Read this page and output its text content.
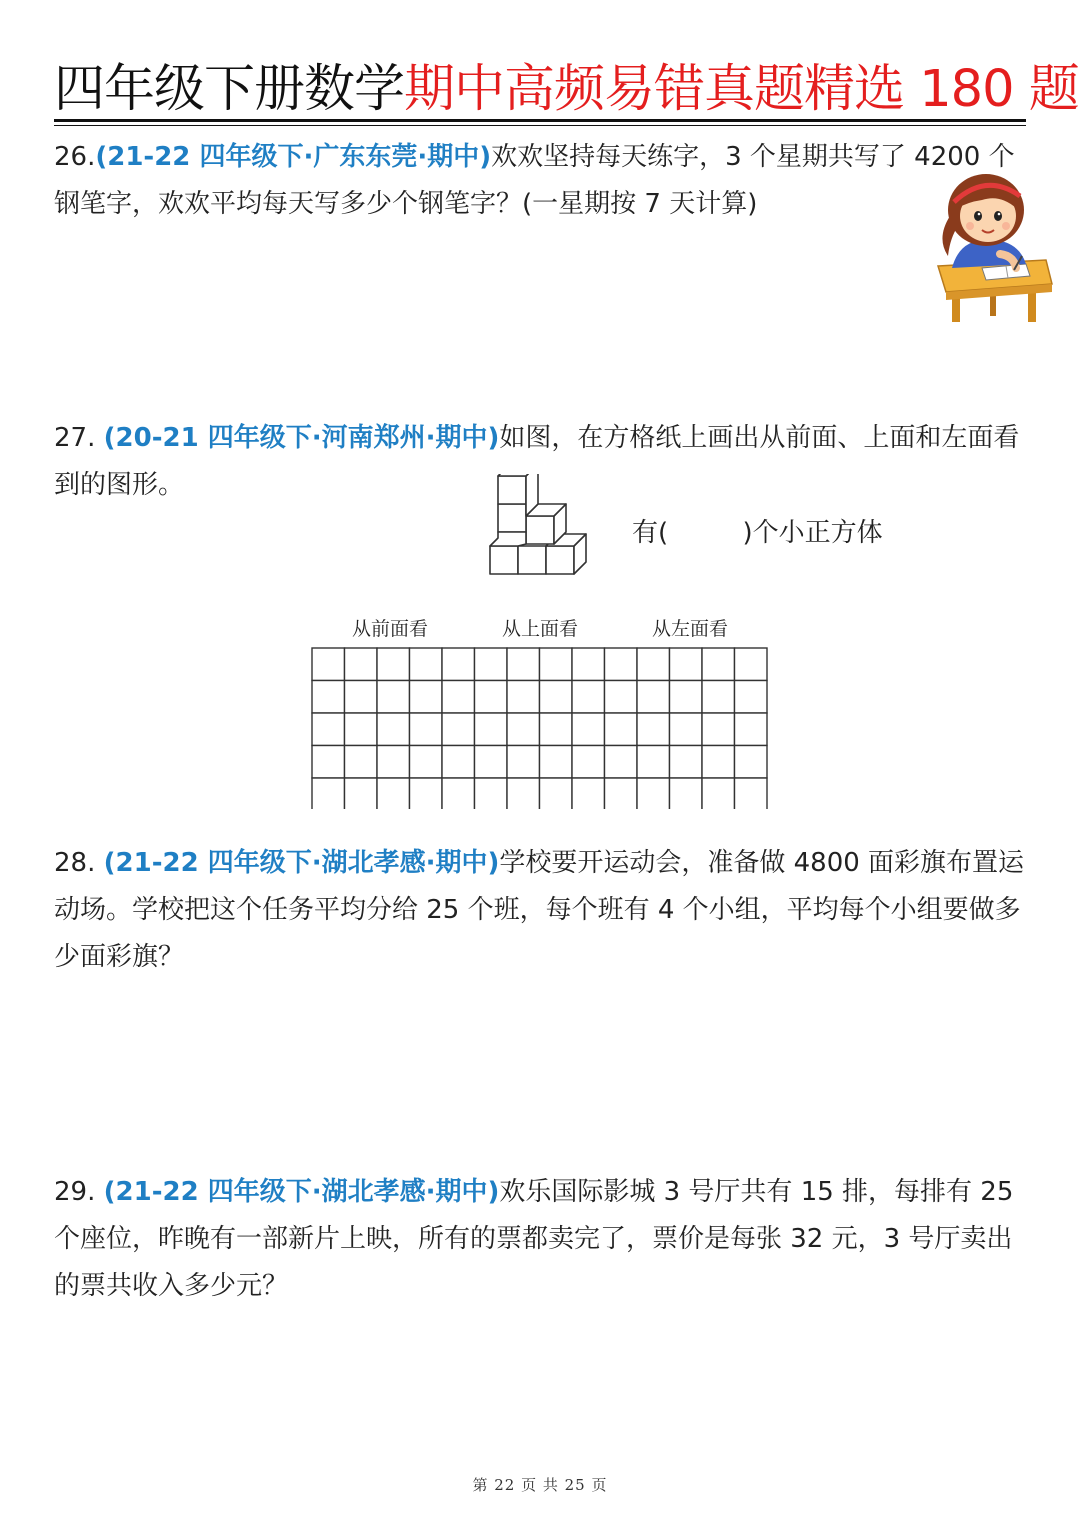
四年级下册数学期中高频易错真题精选 180 题
26.(21-22 四年级下·广东东莞·期中)欢欢坚持每天练字，3 个星期共写了 4200 个钢笔字，欢欢平均每天写多少个钢笔字？(一星期按 7 天计算)
27. (20-21 四年级下·河南郑州·期中)如图，在方格纸上画出从前面、上面和左面看到的图形。
有(         )个小正方体
从前面看	从上面看	从左面看
28. (21-22 四年级下·湖北孝感·期中)学校要开运动会，准备做 4800 面彩旗布置运动场。学校把这个任务平均分给 25 个班，每个班有 4 个小组，平均每个小组要做多少面彩旗？
29. (21-22 四年级下·湖北孝感·期中)欢乐国际影城 3 号厅共有 15 排，每排有 25 个座位，昨晚有一部新片上映，所有的票都卖完了，票价是每张 32 元，3 号厅卖出的票共收入多少元？
第 22 页 共 25 页
